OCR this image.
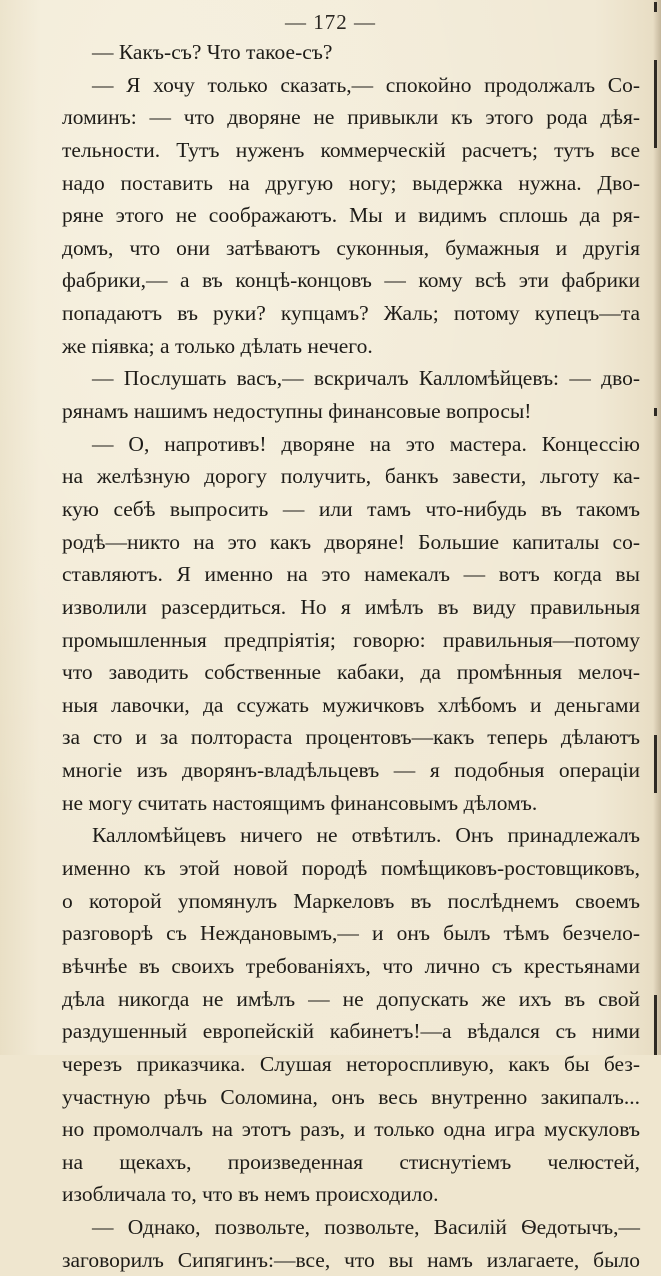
— 172 —
— Какъ-съ? Что такое-съ?
— Я хочу только сказать,— спокойно продолжалъ Со-
ломинъ: — что дворяне не привыкли къ этого рода дѣя-
тельности. Тутъ нуженъ коммерческій расчетъ; тутъ все
надо поставить на другую ногу; выдержка нужна. Дво-
ряне этого не соображаютъ. Мы и видимъ сплошь да ря-
домъ, что они затѣваютъ суконныя, бумажныя и другія
фабрики,— а въ концѣ-концовъ — кому всѣ эти фабрики
попадаютъ въ руки? купцамъ? Жаль; потому купецъ—та
же піявка; а только дѣлать нечего.
— Послушать васъ,— вскричалъ Калломѣйцевъ: — дво-
рянамъ нашимъ недоступны финансовые вопросы!
— О, напротивъ! дворяне на это мастера. Концессію
на желѣзную дорогу получить, банкъ завести, льготу ка-
кую себѣ выпросить — или тамъ что-нибудь въ такомъ
родѣ—никто на это какъ дворяне! Большие капиталы со-
ставляютъ. Я именно на это намекалъ — вотъ когда вы
изволили разсердиться. Но я имѣлъ въ виду правильныя
промышленныя предпріятія; говорю: правильныя—потому
что заводить собственные кабаки, да промѣнныя мелоч-
ныя лавочки, да ссужать мужичковъ хлѣбомъ и деньгами
за сто и за полтораста процентовъ—какъ теперь дѣлаютъ
многіе изъ дворянъ-владѣльцевъ — я подобныя операціи
не могу считать настоящимъ финансовымъ дѣломъ.
Калломѣйцевъ ничего не отвѣтилъ. Онъ принадлежалъ
именно къ этой новой породѣ помѣщиковъ-ростовщиковъ,
о которой упомянулъ Маркеловъ въ послѣднемъ своемъ
разговорѣ съ Неждановымъ,— и онъ былъ тѣмъ безчело-
вѣчнѣе въ своихъ требованіяхъ, что лично съ крестьянами
дѣла никогда не имѣлъ — не допускать же ихъ въ свой
раздушенный европейскій кабинетъ!—а вѣдался съ ними
черезъ приказчика. Слушая нетороспливую, какъ бы без-
участную рѣчь Соломина, онъ весь внутренно закипалъ...
но промолчалъ на этотъ разъ, и только одна игра мускуловъ
на щекахъ, произведенная стиснутіемъ челюстей,
изобличала то, что въ немъ происходило.
— Однако, позвольте, позвольте, Василій Ѳедотычъ,—
заговорилъ Сипягинъ:—все, что вы намъ излагаете, было
